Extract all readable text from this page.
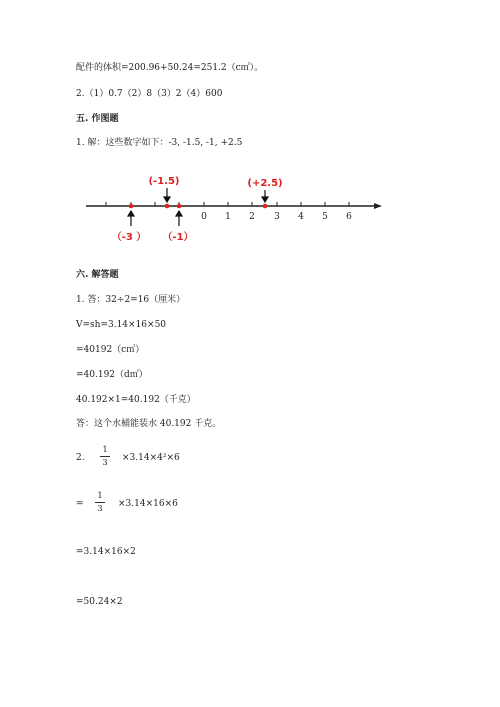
配件的体积=200.96+50.24=251.2（c㎡）。
2.（1）0.7（2）8（3）2（4）600
五. 作图题
1. 解：这些数字如下：-3, -1.5, -1, +2.5
0 1 2 3 4 5 6
(-1.5)	(+2.5)
（-3 ） （-1）
六. 解答题
1. 答：32÷2=16（厘米）
V=sh=3.14×16×50
=40192（c㎡）
=40.192（d㎡）
40.192×1=40.192（千克）
答：这个水桶能装水 40.192 千克。
2.
1
3 ×3.14×4²×6
=
1
3 ×3.14×16×6
=3.14×16×2
=50.24×2
